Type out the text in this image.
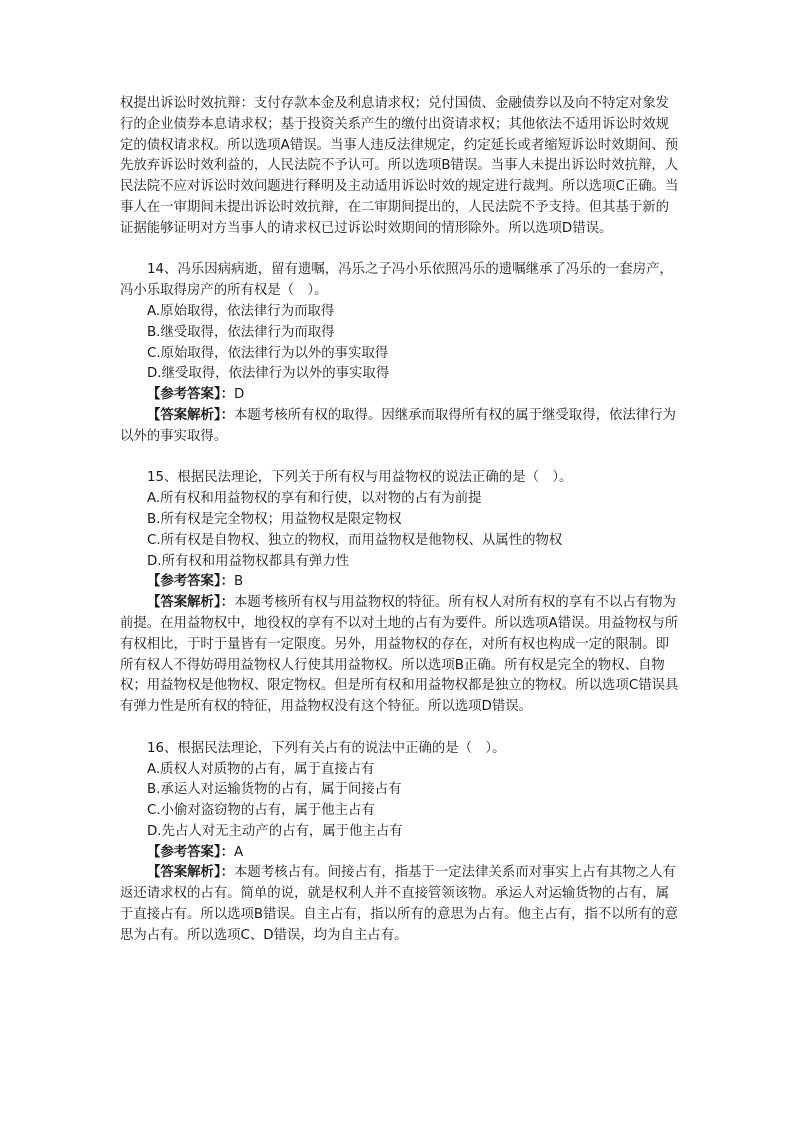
权提出诉讼时效抗辩：支付存款本金及利息请求权；兑付国债、金融债券以及向不特定对象发行的企业债券本息请求权；基于投资关系产生的缴付出资请求权；其他依法不适用诉讼时效规定的债权请求权。所以选项A错误。当事人违反法律规定，约定延长或者缩短诉讼时效期间、预先放弃诉讼时效利益的，人民法院不予认可。所以选项B错误。当事人未提出诉讼时效抗辩，人民法院不应对诉讼时效问题进行释明及主动适用诉讼时效的规定进行裁判。所以选项C正确。当事人在一审期间未提出诉讼时效抗辩，在二审期间提出的，人民法院不予支持。但其基于新的证据能够证明对方当事人的请求权已过诉讼时效期间的情形除外。所以选项D错误。

14、冯乐因病病逝，留有遗嘱，冯乐之子冯小乐依照冯乐的遗嘱继承了冯乐的一套房产，冯小乐取得房产的所有权是（　）。

A.原始取得，依法律行为而取得

B.继受取得，依法律行为而取得

C.原始取得，依法律行为以外的事实取得

D.继受取得，依法律行为以外的事实取得

【参考答案】：D

【答案解析】：本题考核所有权的取得。因继承而取得所有权的属于继受取得，依法律行为以外的事实取得。

15、根据民法理论，下列关于所有权与用益物权的说法正确的是（　）。

A.所有权和用益物权的享有和行使，以对物的占有为前提

B.所有权是完全物权；用益物权是限定物权

C.所有权是自物权、独立的物权，而用益物权是他物权、从属性的物权

D.所有权和用益物权都具有弹力性

【参考答案】：B

【答案解析】：本题考核所有权与用益物权的特征。所有权人对所有权的享有不以占有物为前提。在用益物权中，地役权的享有不以对土地的占有为要件。所以选项A错误。用益物权与所有权相比，于时于量皆有一定限度。另外，用益物权的存在，对所有权也构成一定的限制。即所有权人不得妨碍用益物权人行使其用益物权。所以选项B正确。所有权是完全的物权、自物权；用益物权是他物权、限定物权。但是所有权和用益物权都是独立的物权。所以选项C错误具有弹力性是所有权的特征，用益物权没有这个特征。所以选项D错误。

16、根据民法理论，下列有关占有的说法中正确的是（　）。

A.质权人对质物的占有，属于直接占有

B.承运人对运输货物的占有，属于间接占有

C.小偷对盗窃物的占有，属于他主占有

D.先占人对无主动产的占有，属于他主占有

【参考答案】：A

【答案解析】：本题考核占有。间接占有，指基于一定法律关系而对事实上占有其物之人有返还请求权的占有。简单的说，就是权利人并不直接管领该物。承运人对运输货物的占有，属于直接占有。所以选项B错误。自主占有，指以所有的意思为占有。他主占有，指不以所有的意思为占有。所以选项C、D错误，均为自主占有。
